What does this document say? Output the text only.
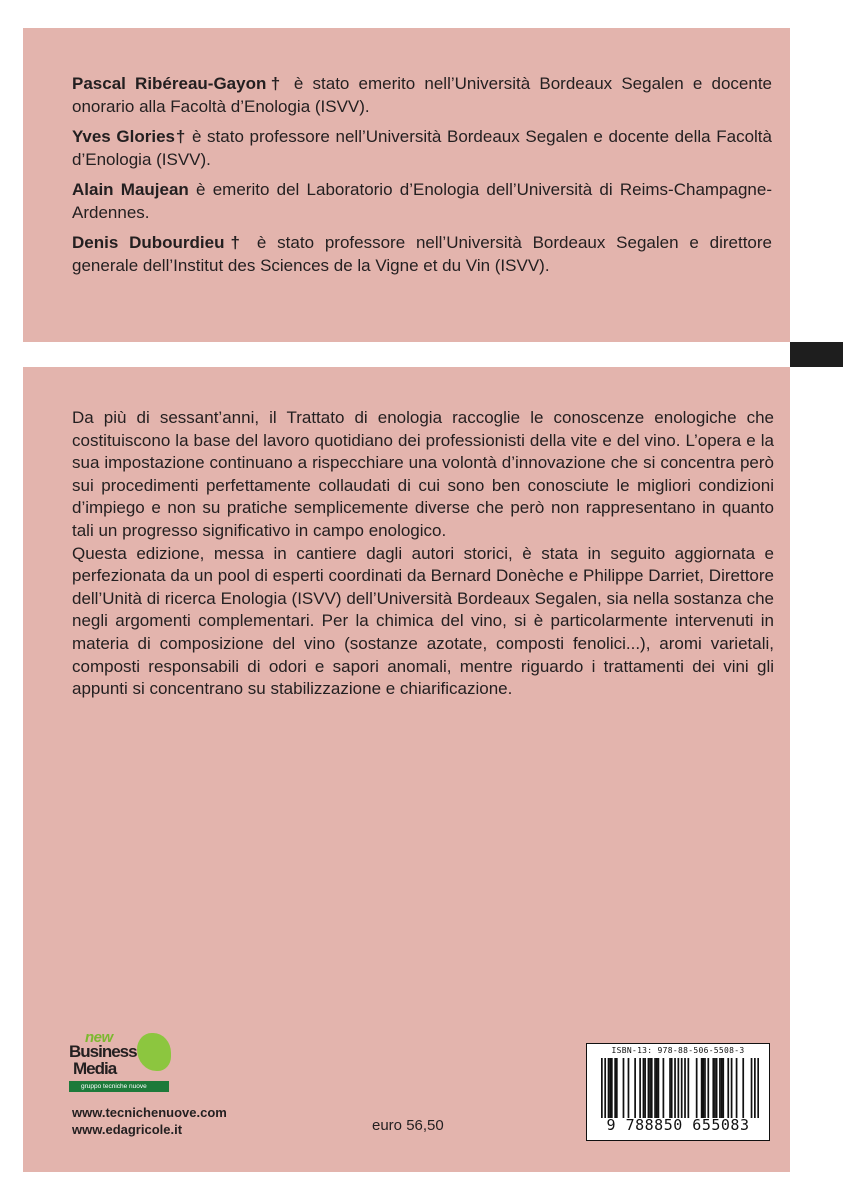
Pascal Ribéreau-Gayon† è stato emerito nell’Università Bordeaux Segalen e docente onorario alla Facoltà d’Enologia (ISVV).

Yves Glories† è stato professore nell’Università Bordeaux Segalen e docente della Facoltà d’Enologia (ISVV).

Alain Maujean è emerito del Laboratorio d’Enologia dell’Università di Reims-Champagne-Ardennes.

Denis Dubourdieu† è stato professore nell’Università Bordeaux Segalen e direttore generale dell’Institut des Sciences de la Vigne et du Vin (ISVV).

Da più di sessant’anni, il Trattato di enologia raccoglie le conoscenze enologiche che costituiscono la base del lavoro quotidiano dei professionisti della vite e del vino. L’opera e la sua impostazione continuano a rispecchiare una volontà d’innovazione che si concentra però sui procedimenti perfettamente collaudati di cui sono ben conosciute le migliori condizioni d’impiego e non su pratiche semplicemente diverse che però non rappresentano in quanto tali un progresso significativo in campo enologico.

Questa edizione, messa in cantiere dagli autori storici, è stata in seguito aggiornata e perfezionata da un pool di esperti coordinati da Bernard Donèche e Philippe Darriet, Direttore dell’Unità di ricerca Enologia (ISVV) dell’Università Bordeaux Segalen, sia nella sostanza che negli argomenti complementari. Per la chimica del vino, si è particolarmente intervenuti in materia di composizione del vino (sostanze azotate, composti fenolici...), aromi varietali, composti responsabili di odori e sapori anomali, mentre riguardo i trattamenti dei vini gli appunti si concentrano su stabilizzazione e chiarificazione.

new
Business
Media
gruppo tecniche nuove
www.tecnichenuove.com
www.edagricole.it	euro 56,50
ISBN-13: 978-88-506-5508-3
9 788850 655083
